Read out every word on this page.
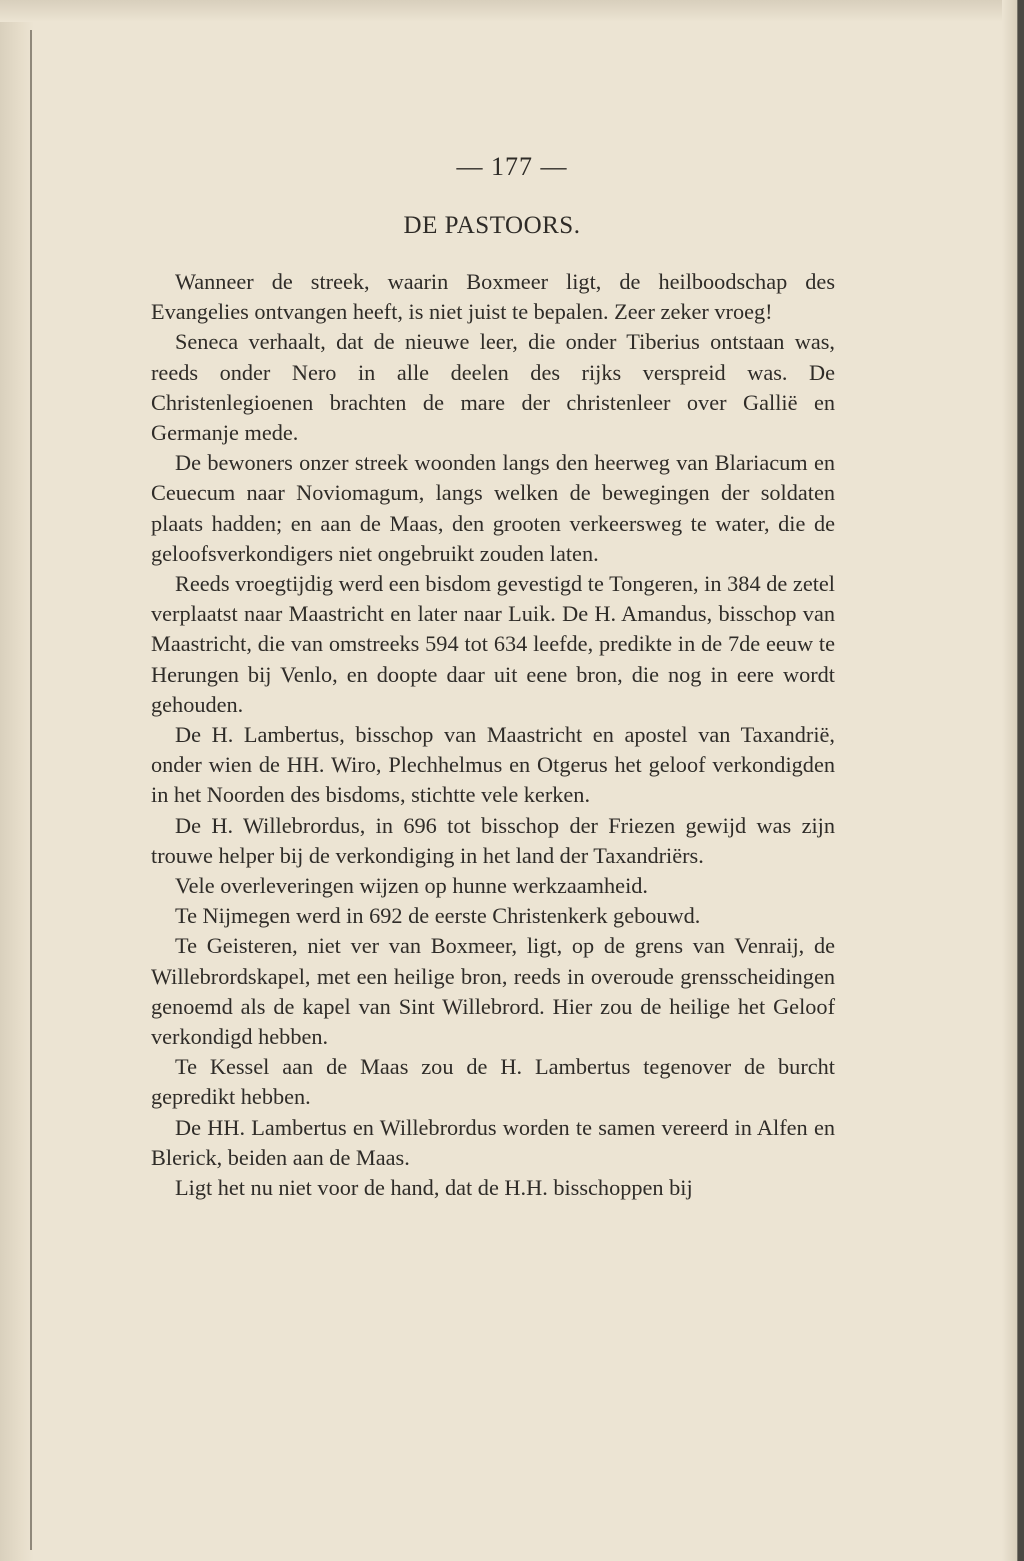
— 177 —
DE PASTOORS.

Wanneer de streek, waarin Boxmeer ligt, de heilboodschap des Evangelies ontvangen heeft, is niet juist te bepalen. Zeer zeker vroeg!

Seneca verhaalt, dat de nieuwe leer, die onder Tiberius ontstaan was, reeds onder Nero in alle deelen des rijks verspreid was. De Christenlegioenen brachten de mare der christenleer over Gallië en Germanje mede.

De bewoners onzer streek woonden langs den heerweg van Blariacum en Ceuecum naar Noviomagum, langs welken de bewegingen der soldaten plaats hadden; en aan de Maas, den grooten verkeersweg te water, die de geloofsverkondigers niet ongebruikt zouden laten.

Reeds vroegtijdig werd een bisdom gevestigd te Tongeren, in 384 de zetel verplaatst naar Maastricht en later naar Luik. De H. Amandus, bisschop van Maastricht, die van omstreeks 594 tot 634 leefde, predikte in de 7de eeuw te Herungen bij Venlo, en doopte daar uit eene bron, die nog in eere wordt gehouden.

De H. Lambertus, bisschop van Maastricht en apostel van Taxandrië, onder wien de HH. Wiro, Plechhelmus en Otgerus het geloof verkondigden in het Noorden des bisdoms, stichtte vele kerken.

De H. Willebrordus, in 696 tot bisschop der Friezen gewijd was zijn trouwe helper bij de verkondiging in het land der Taxandriërs.

Vele overleveringen wijzen op hunne werkzaamheid.

Te Nijmegen werd in 692 de eerste Christenkerk gebouwd.

Te Geisteren, niet ver van Boxmeer, ligt, op de grens van Venraij, de Willebrordskapel, met een heilige bron, reeds in overoude grensscheidingen genoemd als de kapel van Sint Willebrord. Hier zou de heilige het Geloof verkondigd hebben.

Te Kessel aan de Maas zou de H. Lambertus tegenover de burcht gepredikt hebben.

De HH. Lambertus en Willebrordus worden te samen vereerd in Alfen en Blerick, beiden aan de Maas.

Ligt het nu niet voor de hand, dat de H.H. bisschoppen bij
